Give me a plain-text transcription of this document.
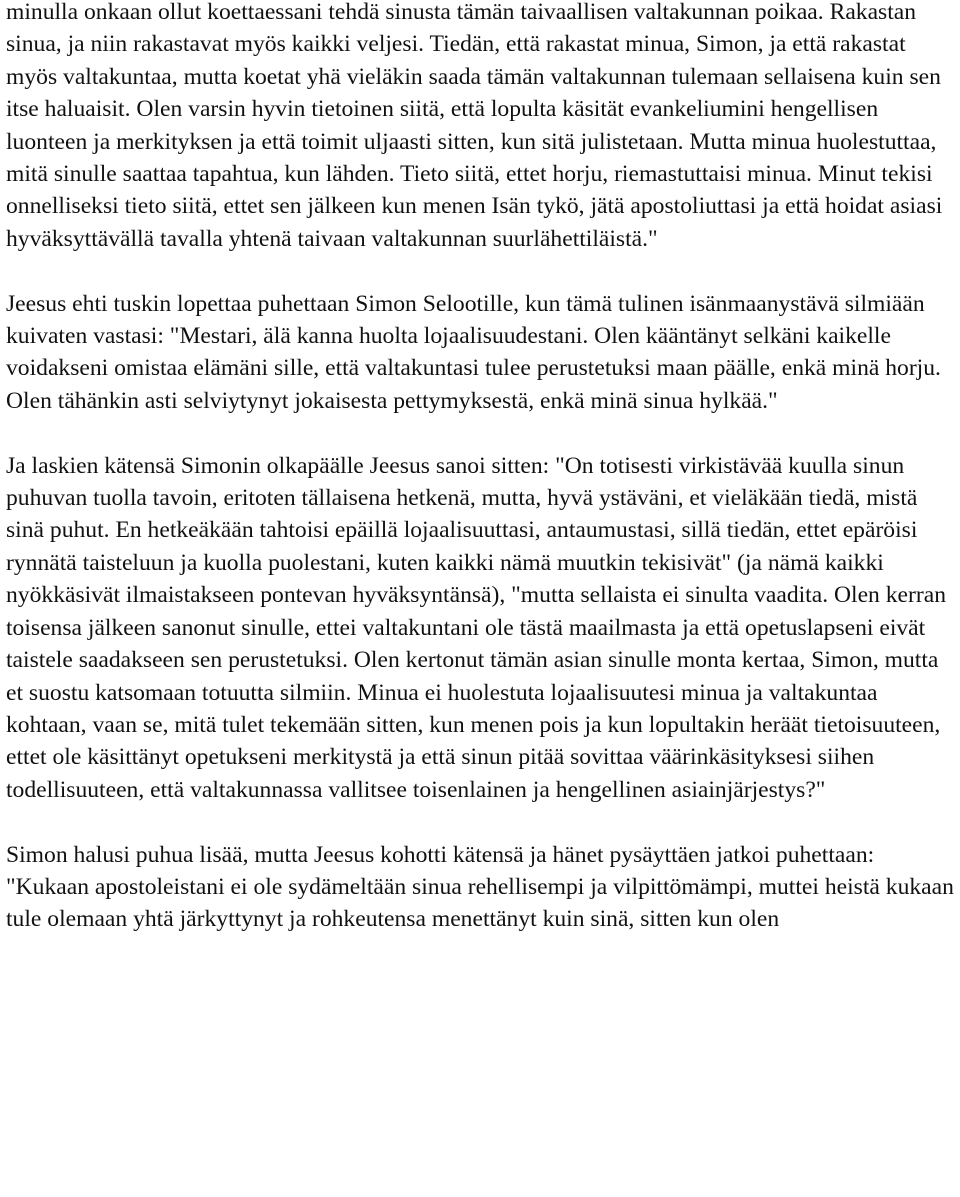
minulla onkaan ollut koettaessani tehdä sinusta tämän taivaallisen valtakunnan poikaa. Rakastan sinua, ja niin rakastavat myös kaikki veljesi. Tiedän, että rakastat minua, Simon, ja että rakastat myös valtakuntaa, mutta koetat yhä vieläkin saada tämän valtakunnan tulemaan sellaisena kuin sen itse haluaisit. Olen varsin hyvin tietoinen siitä, että lopulta käsität evankeliumini hengellisen luonteen ja merkityksen ja että toimit uljaasti sitten, kun sitä julistetaan. Mutta minua huolestuttaa, mitä sinulle saattaa tapahtua, kun lähden. Tieto siitä, ettet horju, riemastuttaisi minua. Minut tekisi onnelliseksi tieto siitä, ettet sen jälkeen kun menen Isän tykö, jätä apostoliuttasi ja että hoidat asiasi hyväksyttävällä tavalla yhtenä taivaan valtakunnan suurlähettiläistä."

Jeesus ehti tuskin lopettaa puhettaan Simon Selootille, kun tämä tulinen isänmaanystävä silmiään kuivaten vastasi: "Mestari, älä kanna huolta lojaalisuudestani. Olen kääntänyt selkäni kaikelle voidakseni omistaa elämäni sille, että valtakuntasi tulee perustetuksi maan päälle, enkä minä horju. Olen tähänkin asti selviytynyt jokaisesta pettymyksestä, enkä minä sinua hylkää."

Ja laskien kätensä Simonin olkapäälle Jeesus sanoi sitten: "On totisesti virkistävää kuulla sinun puhuvan tuolla tavoin, eritoten tällaisena hetkenä, mutta, hyvä ystäväni, et vieläkään tiedä, mistä sinä puhut. En hetkeäkään tahtoisi epäillä lojaalisuuttasi, antaumustasi, sillä tiedän, ettet epäröisi rynnätä taisteluun ja kuolla puolestani, kuten kaikki nämä muutkin tekisivät" (ja nämä kaikki nyökkäsivät ilmaistakseen pontevan hyväksyntänsä), "mutta sellaista ei sinulta vaadita. Olen kerran toisensa jälkeen sanonut sinulle, ettei valtakuntani ole tästä maailmasta ja että opetuslapseni eivät taistele saadakseen sen perustetuksi. Olen kertonut tämän asian sinulle monta kertaa, Simon, mutta et suostu katsomaan totuutta silmiin. Minua ei huolestuta lojaalisuutesi minua ja valtakuntaa kohtaan, vaan se, mitä tulet tekemään sitten, kun menen pois ja kun lopultakin heräät tietoisuuteen, ettet ole käsittänyt opetukseni merkitystä ja että sinun pitää sovittaa väärinkäsityksesi siihen todellisuuteen, että valtakunnassa vallitsee toisenlainen ja hengellinen asiainjärjestys?"

Simon halusi puhua lisää, mutta Jeesus kohotti kätensä ja hänet pysäyttäen jatkoi puhettaan: "Kukaan apostoleistani ei ole sydämeltään sinua rehellisempi ja vilpittömämpi, muttei heistä kukaan tule olemaan yhtä järkyttynyt ja rohkeutensa menettänyt kuin sinä, sitten kun olen
